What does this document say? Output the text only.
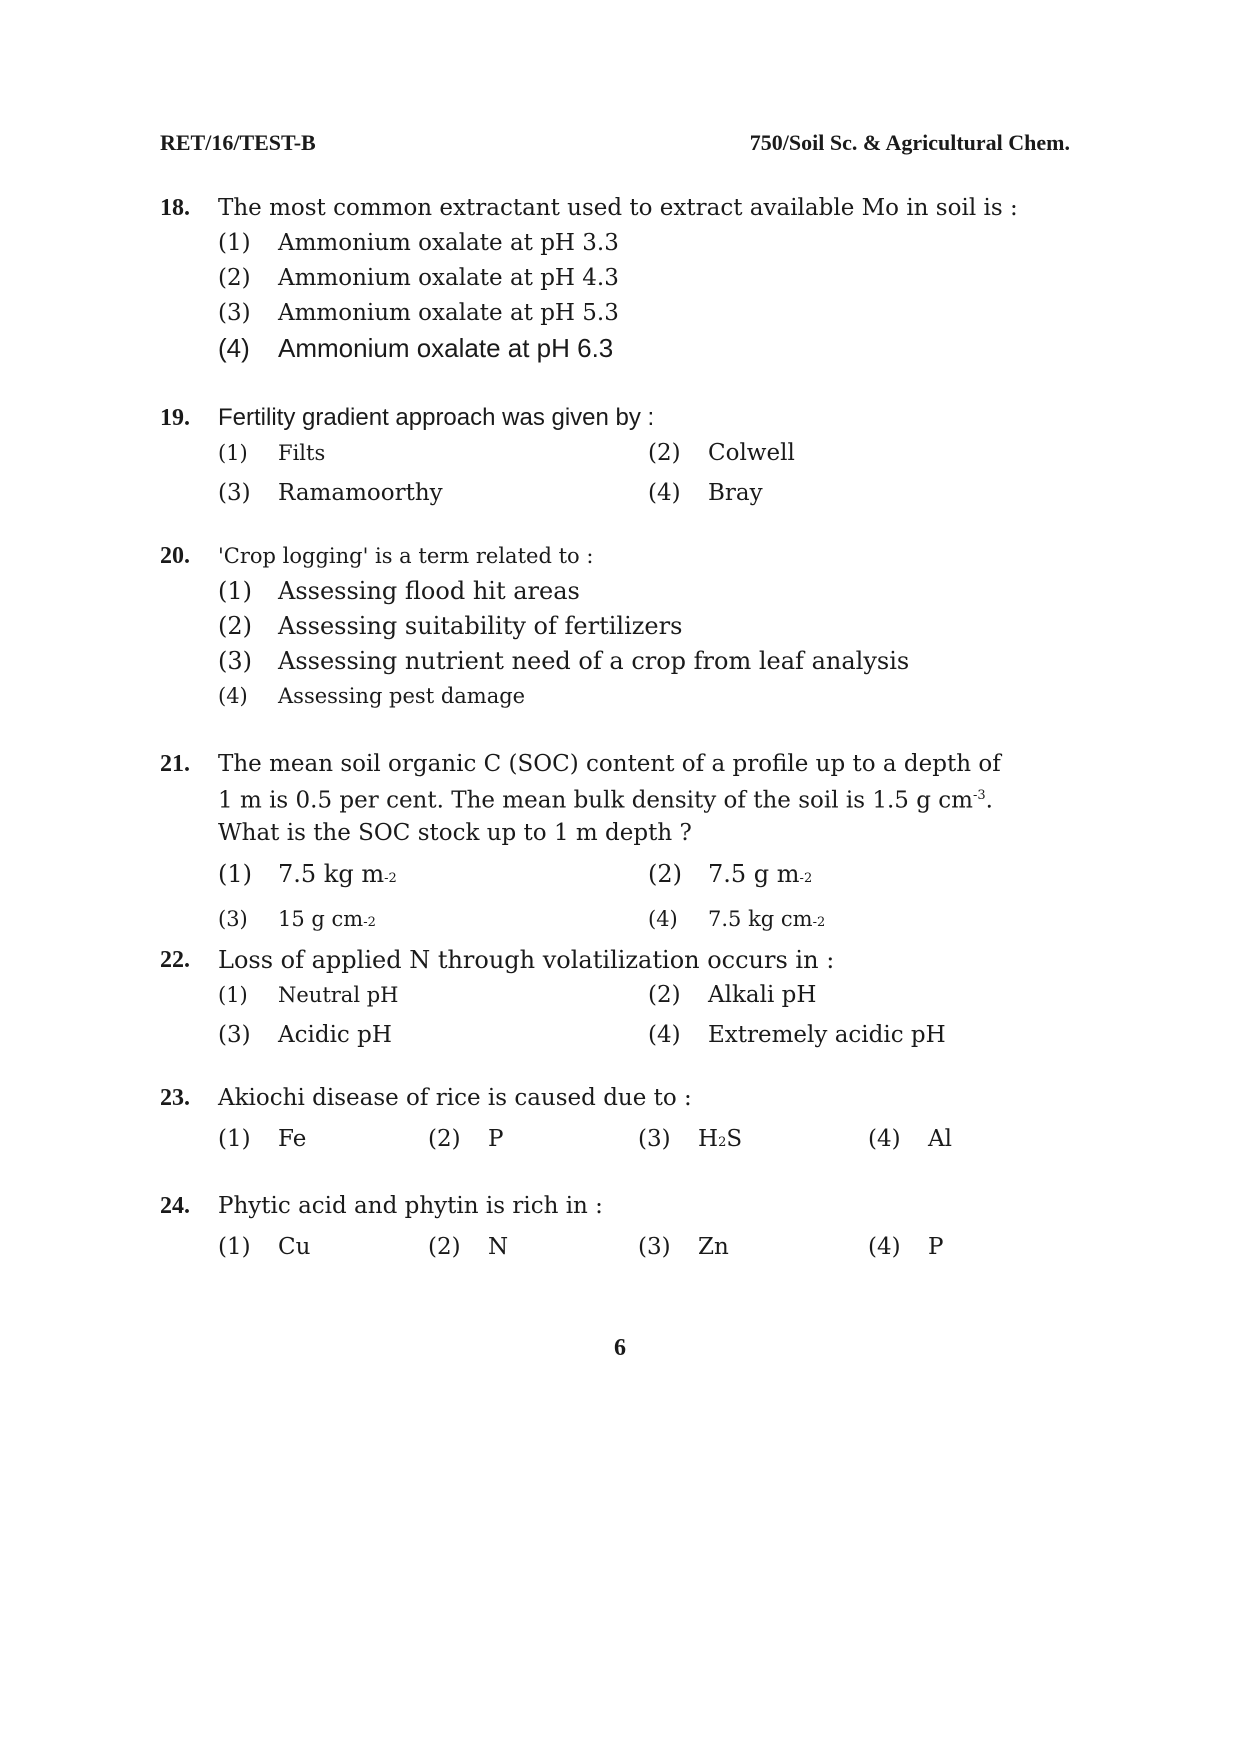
RET/16/TEST-B	750/Soil Sc. & Agricultural Chem.
18.	The most common extractant used to extract available Mo in soil is :
(1)	Ammonium oxalate at pH 3.3
(2)	Ammonium oxalate at pH 4.3
(3)	Ammonium oxalate at pH 5.3
(4)	Ammonium oxalate at pH 6.3
19.	Fertility gradient approach was given by :
(1)	Filts	(2)	Colwell
(3)	Ramamoorthy	(4)	Bray
20.	'Crop logging' is a term related to :
(1)	Assessing flood hit areas
(2)	Assessing suitability of fertilizers
(3)	Assessing nutrient need of a crop from leaf analysis
(4)	Assessing pest damage
21.	The mean soil organic C (SOC) content of a profile up to a depth of
1 m is 0.5 per cent. The mean bulk density of the soil is 1.5 g $cm^{-3}$.
What is the SOC stock up to 1 m depth ?
(1)	7.5 kg $m_{-2}$	(2)	7.5 g $m_{-2}$
(3)	15 g cm -2	(4)	7.5 kg cm -2
22.	Loss of applied N through volatilization occurs in :
(1)	Neutral pH	(2)	Alkali pH
(3)	Acidic pH	(4)	Extremely acidic pH
23.	Akiochi disease of rice is caused due to :
(1)	Fe	(2)	P	(3)	H 2 S	(4)	Al
24.	Phytic acid and phytin is rich in :
(1)	Cu	(2)	N	(3)	Zn	(4)	P
6
